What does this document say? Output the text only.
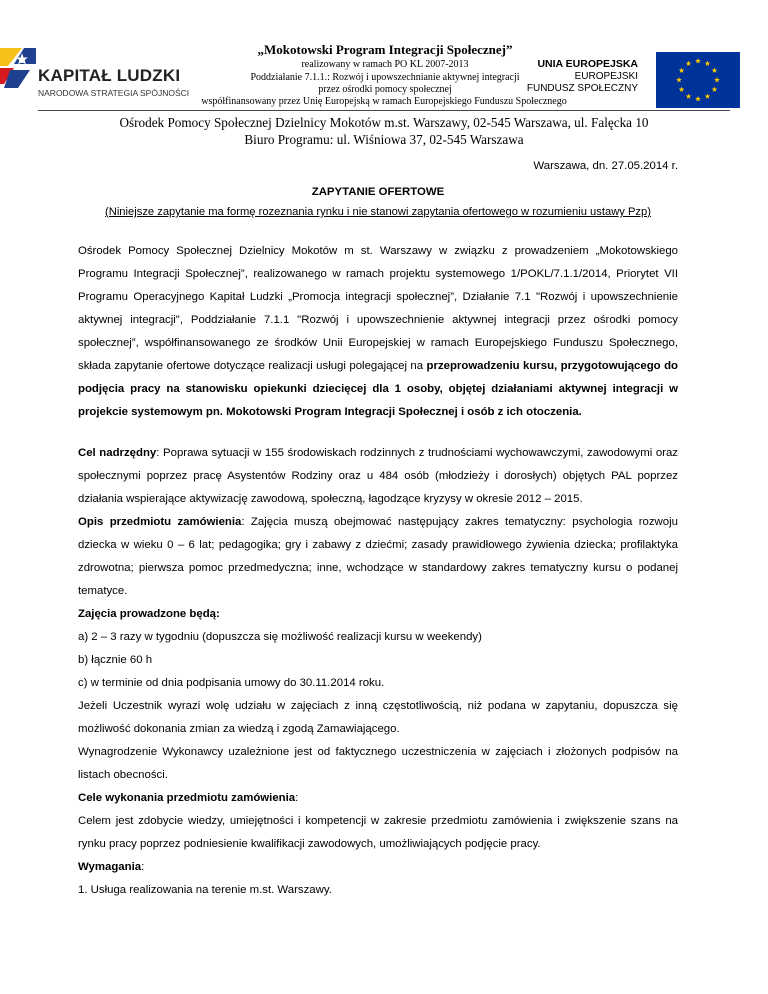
KAPITAŁ LUDZKI
NARODOWA STRATEGIA SPÓJNOŚCI
„Mokotowski Program Integracji Społecznej”
realizowany w ramach PO KL 2007-2013
Poddziałanie 7.1.1.: Rozwój i upowszechnianie aktywnej integracji
przez ośrodki pomocy społecznej
UNIA EUROPEJSKA
EUROPEJSKI
FUNDUSZ SPOŁECZNY
współfinansowany przez Unię Europejską w ramach Europejskiego Funduszu Społecznego
Ośrodek Pomocy Społecznej Dzielnicy Mokotów m.st. Warszawy, 02-545 Warszawa, ul. Falęcka 10
Biuro Programu: ul. Wiśniowa 37, 02-545 Warszawa
Warszawa, dn. 27.05.2014 r.
ZAPYTANIE OFERTOWE
(Niniejsze zapytanie ma formę rozeznania rynku i nie stanowi zapytania ofertowego w rozumieniu ustawy Pzp)
Ośrodek Pomocy Społecznej Dzielnicy Mokotów m st. Warszawy w związku z prowadzeniem „Mokotowskiego Programu Integracji Społecznej”, realizowanego w ramach projektu systemowego 1/POKL/7.1.1/2014, Priorytet VII Programu Operacyjnego Kapitał Ludzki „Promocja integracji społecznej”, Działanie 7.1 "Rozwój i upowszechnienie aktywnej integracji", Poddziałanie 7.1.1 "Rozwój i upowszechnienie aktywnej integracji przez ośrodki pomocy społecznej”, współfinansowanego ze środków Unii Europejskiej w ramach Europejskiego Funduszu Społecznego, składa zapytanie ofertowe dotyczące realizacji usługi polegającej na przeprowadzeniu kursu, przygotowującego do podjęcia pracy na stanowisku opiekunki dziecięcej dla 1 osoby, objętej działaniami aktywnej integracji w projekcie systemowym pn. Mokotowski Program Integracji Społecznej i osób z ich otoczenia.
Cel nadrzędny: Poprawa sytuacji w 155 środowiskach rodzinnych z trudnościami wychowawczymi, zawodowymi oraz społecznymi poprzez pracę Asystentów Rodziny oraz u 484 osób (młodzieży i dorosłych) objętych PAL poprzez działania wspierające aktywizację zawodową, społeczną, łagodzące kryzysy w okresie 2012 – 2015.
Opis przedmiotu zamówienia: Zajęcia muszą obejmować następujący zakres tematyczny: psychologia rozwoju dziecka w wieku 0 – 6 lat; pedagogika; gry i zabawy z dziećmi; zasady prawidłowego żywienia dziecka; profilaktyka zdrowotna; pierwsza pomoc przedmedyczna; inne, wchodzące w standardowy zakres tematyczny kursu o podanej tematyce.
Zajęcia prowadzone będą:
a) 2 – 3 razy w tygodniu (dopuszcza się możliwość realizacji kursu w weekendy)
b) łącznie 60 h
c) w terminie od dnia podpisania umowy do 30.11.2014 roku.
Jeżeli Uczestnik wyrazi wolę udziału w zajęciach z inną częstotliwością, niż podana w zapytaniu, dopuszcza się możliwość dokonania zmian za wiedzą i zgodą Zamawiającego.
Wynagrodzenie Wykonawcy uzależnione jest od faktycznego uczestniczenia w zajęciach i złożonych podpisów na listach obecności.
Cele wykonania przedmiotu zamówienia:
Celem jest zdobycie wiedzy, umiejętności i kompetencji w zakresie przedmiotu zamówienia i zwiększenie szans na rynku pracy poprzez podniesienie kwalifikacji zawodowych, umożliwiających podjęcie pracy.
Wymagania:
1. Usługa realizowania na terenie m.st. Warszawy.
